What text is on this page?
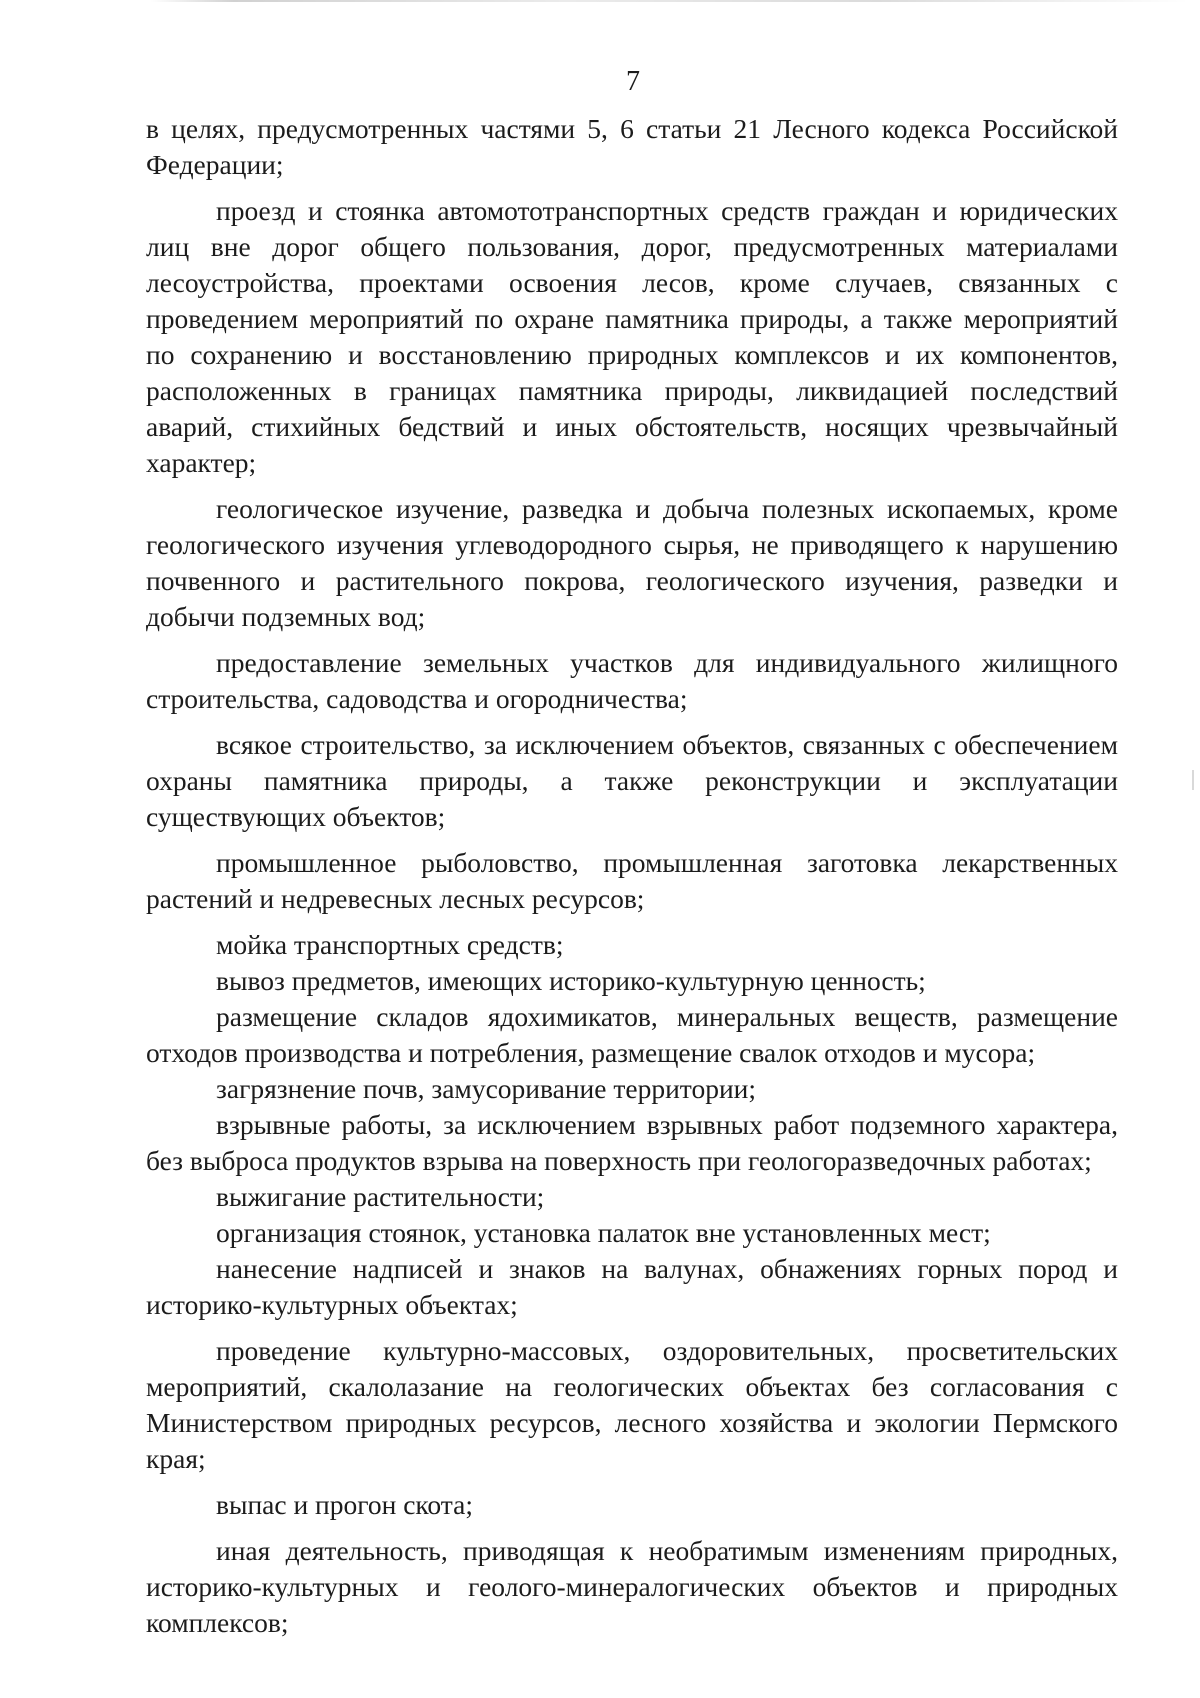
7

в целях, предусмотренных частями 5, 6 статьи 21 Лесного кодекса Российской Федерации;

проезд и стоянка автомототранспортных средств граждан и юридических лиц вне дорог общего пользования, дорог, предусмотренных материалами лесоустройства, проектами освоения лесов, кроме случаев, связанных с проведением мероприятий по охране памятника природы, а также мероприятий по сохранению и восстановлению природных комплексов и их компонентов, расположенных в границах памятника природы, ликвидацией последствий аварий, стихийных бедствий и иных обстоятельств, носящих чрезвычайный характер;

геологическое изучение, разведка и добыча полезных ископаемых, кроме геологического изучения углеводородного сырья, не приводящего к нарушению почвенного и растительного покрова, геологического изучения, разведки и добычи подземных вод;

предоставление земельных участков для индивидуального жилищного строительства, садоводства и огородничества;

всякое строительство, за исключением объектов, связанных с обеспечением охраны памятника природы, а также реконструкции и эксплуатации существующих объектов;

промышленное рыболовство, промышленная заготовка лекарственных растений и недревесных лесных ресурсов;

мойка транспортных средств;

вывоз предметов, имеющих историко-культурную ценность;

размещение складов ядохимикатов, минеральных веществ, размещение отходов производства и потребления, размещение свалок отходов и мусора;

загрязнение почв, замусоривание территории;

взрывные работы, за исключением взрывных работ подземного характера, без выброса продуктов взрыва на поверхность при геологоразведочных работах;

выжигание растительности;

организация стоянок, установка палаток вне установленных мест;

нанесение надписей и знаков на валунах, обнажениях горных пород и историко-культурных объектах;

проведение культурно-массовых, оздоровительных, просветительских мероприятий, скалолазание на геологических объектах без согласования с Министерством природных ресурсов, лесного хозяйства и экологии Пермского края;

выпас и прогон скота;

иная деятельность, приводящая к необратимым изменениям природных, историко-культурных и геолого-минералогических объектов и природных комплексов;
